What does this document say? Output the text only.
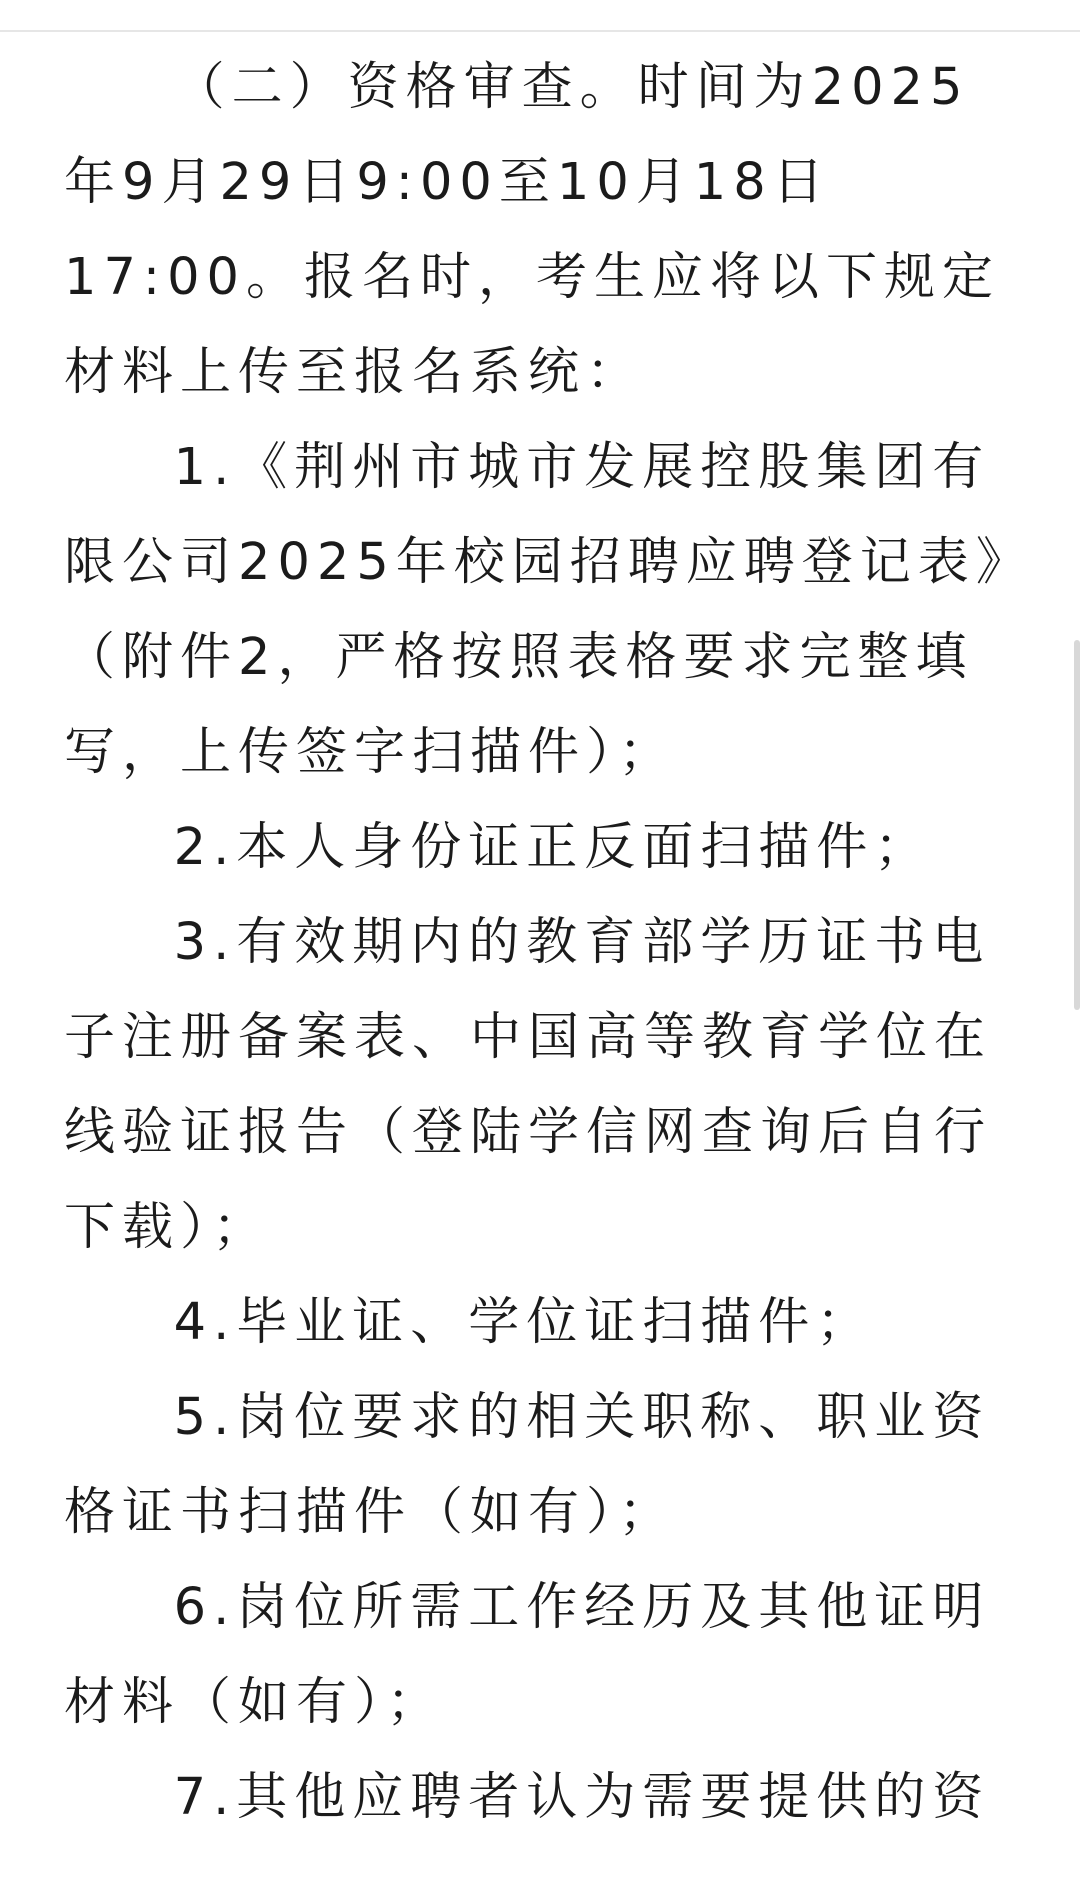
（二）资格审查。时间为2025年9月29日9:00至10月18日17:00。报名时，考生应将以下规定材料上传至报名系统：

1.《荆州市城市发展控股集团有限公司2025年校园招聘应聘登记表》（附件2，严格按照表格要求完整填写，上传签字扫描件）；

2.本人身份证正反面扫描件；

3.有效期内的教育部学历证书电子注册备案表、中国高等教育学位在线验证报告（登陆学信网查询后自行下载）；

4.毕业证、学位证扫描件；

5.岗位要求的相关职称、职业资格证书扫描件（如有）；

6.岗位所需工作经历及其他证明材料（如有）；

7.其他应聘者认为需要提供的资
